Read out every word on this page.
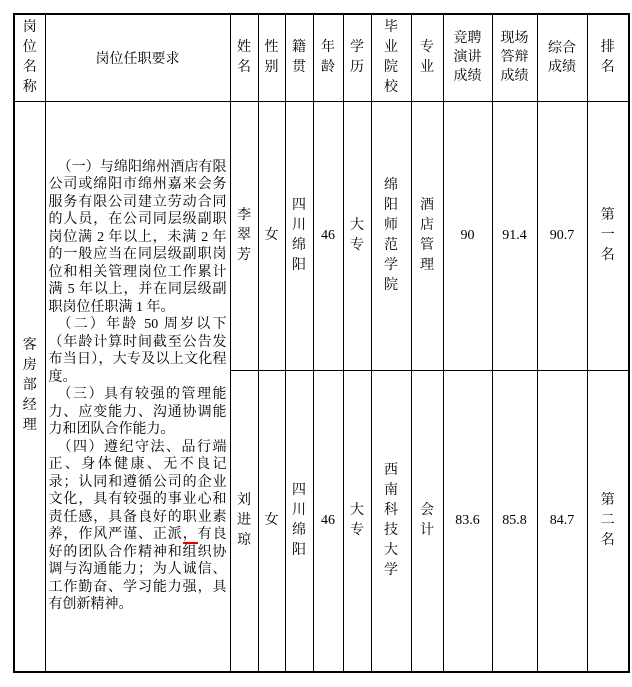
岗位名称	岗位任职要求	姓名	性别	籍贯	年龄	学历	毕业院校	专业	竞聘演讲成绩	现场答辩成绩	综合成绩	排名

客房部经理	（一）与绵阳绵州酒店有限公司或绵阳市绵州嘉来会务服务有限公司建立劳动合同的人员，在公司同层级副职岗位满 2 年以上，未满 2 年的一般应当在同层级副职岗位和相关管理岗位工作累计满 5 年以上，并在同层级副职岗位任职满 1 年。

（二）年龄 50 周岁以下（年龄计算时间截至公告发布当日），大专及以上文化程度。

（三）具有较强的管理能力、应变能力、沟通协调能力和团队合作能力。

（四）遵纪守法、品行端正、身体健康、无不良记录；认同和遵循公司的企业文化，具有较强的事业心和责任感，具备良好的职业素养，作风严谨、正派，有良好的团队合作精神和组织协调与沟通能力；为人诚信、工作勤奋、学习能力强，具有创新精神。	李翠芳	女	四川绵阳	46	大专	绵阳师范学院	酒店管理	90	91.4	90.7	第一名

		刘进琼	女	四川绵阳	46	大专	西南科技大学	会计	83.6	85.8	84.7	第二名
